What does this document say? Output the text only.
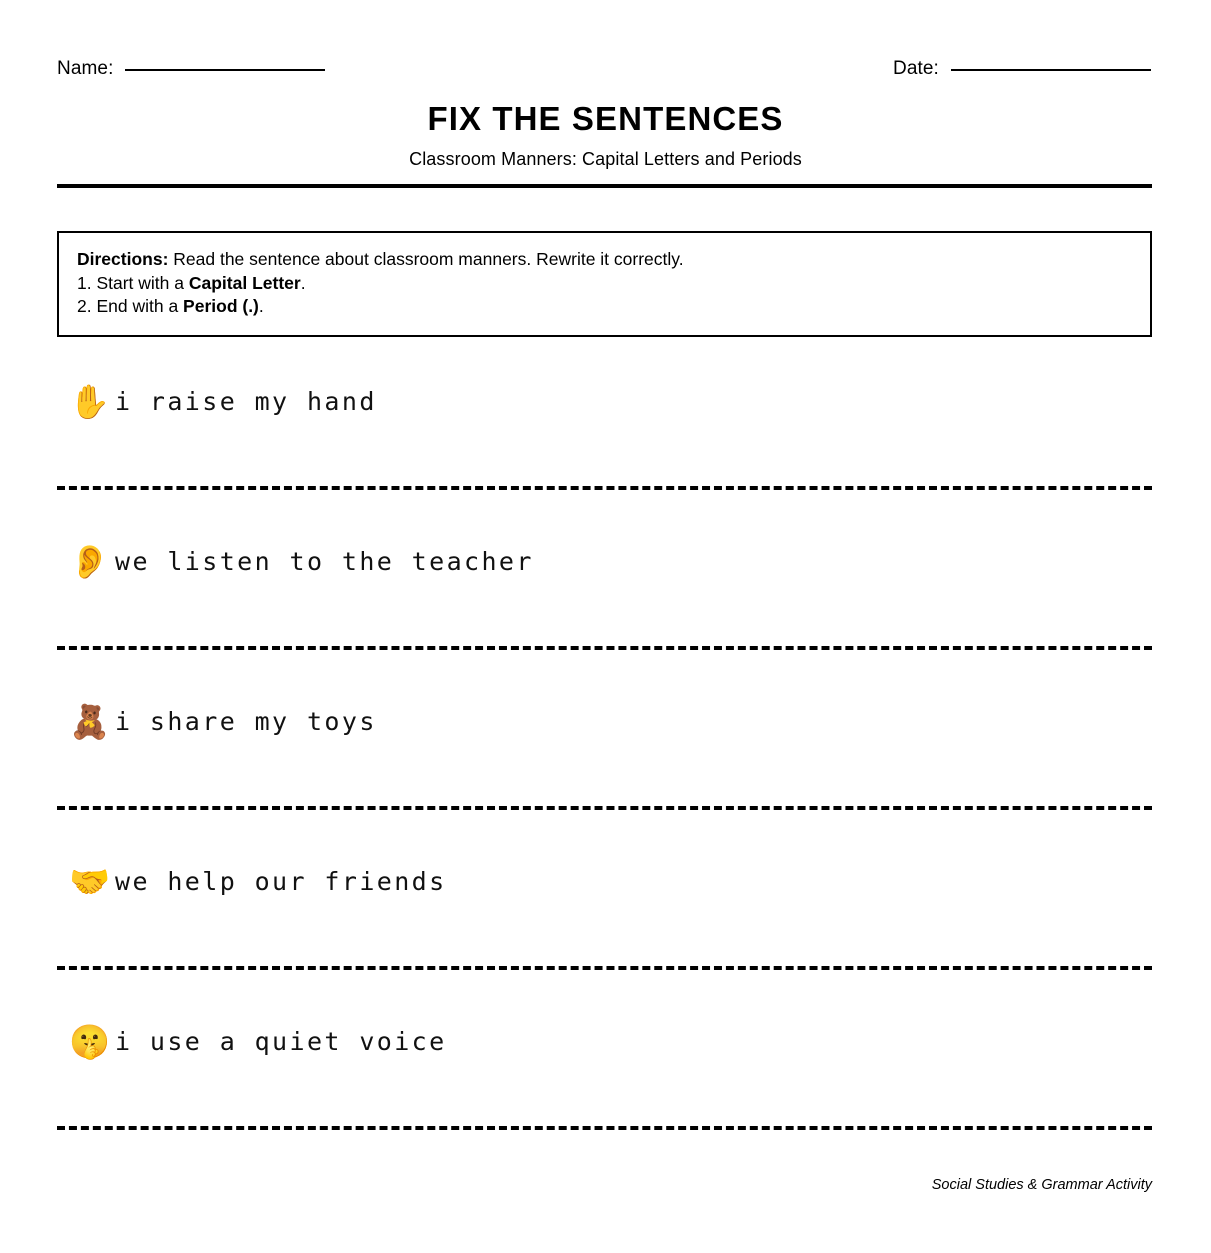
Name:	Date:
FIX THE SENTENCES
Classroom Manners: Capital Letters and Periods
Directions: Read the sentence about classroom manners. Rewrite it correctly.
1. Start with a Capital Letter.
2. End with a Period (.).
✋ i raise my hand
👂 we listen to the teacher
🧸 i share my toys
🤝 we help our friends
🤫 i use a quiet voice
Social Studies & Grammar Activity
